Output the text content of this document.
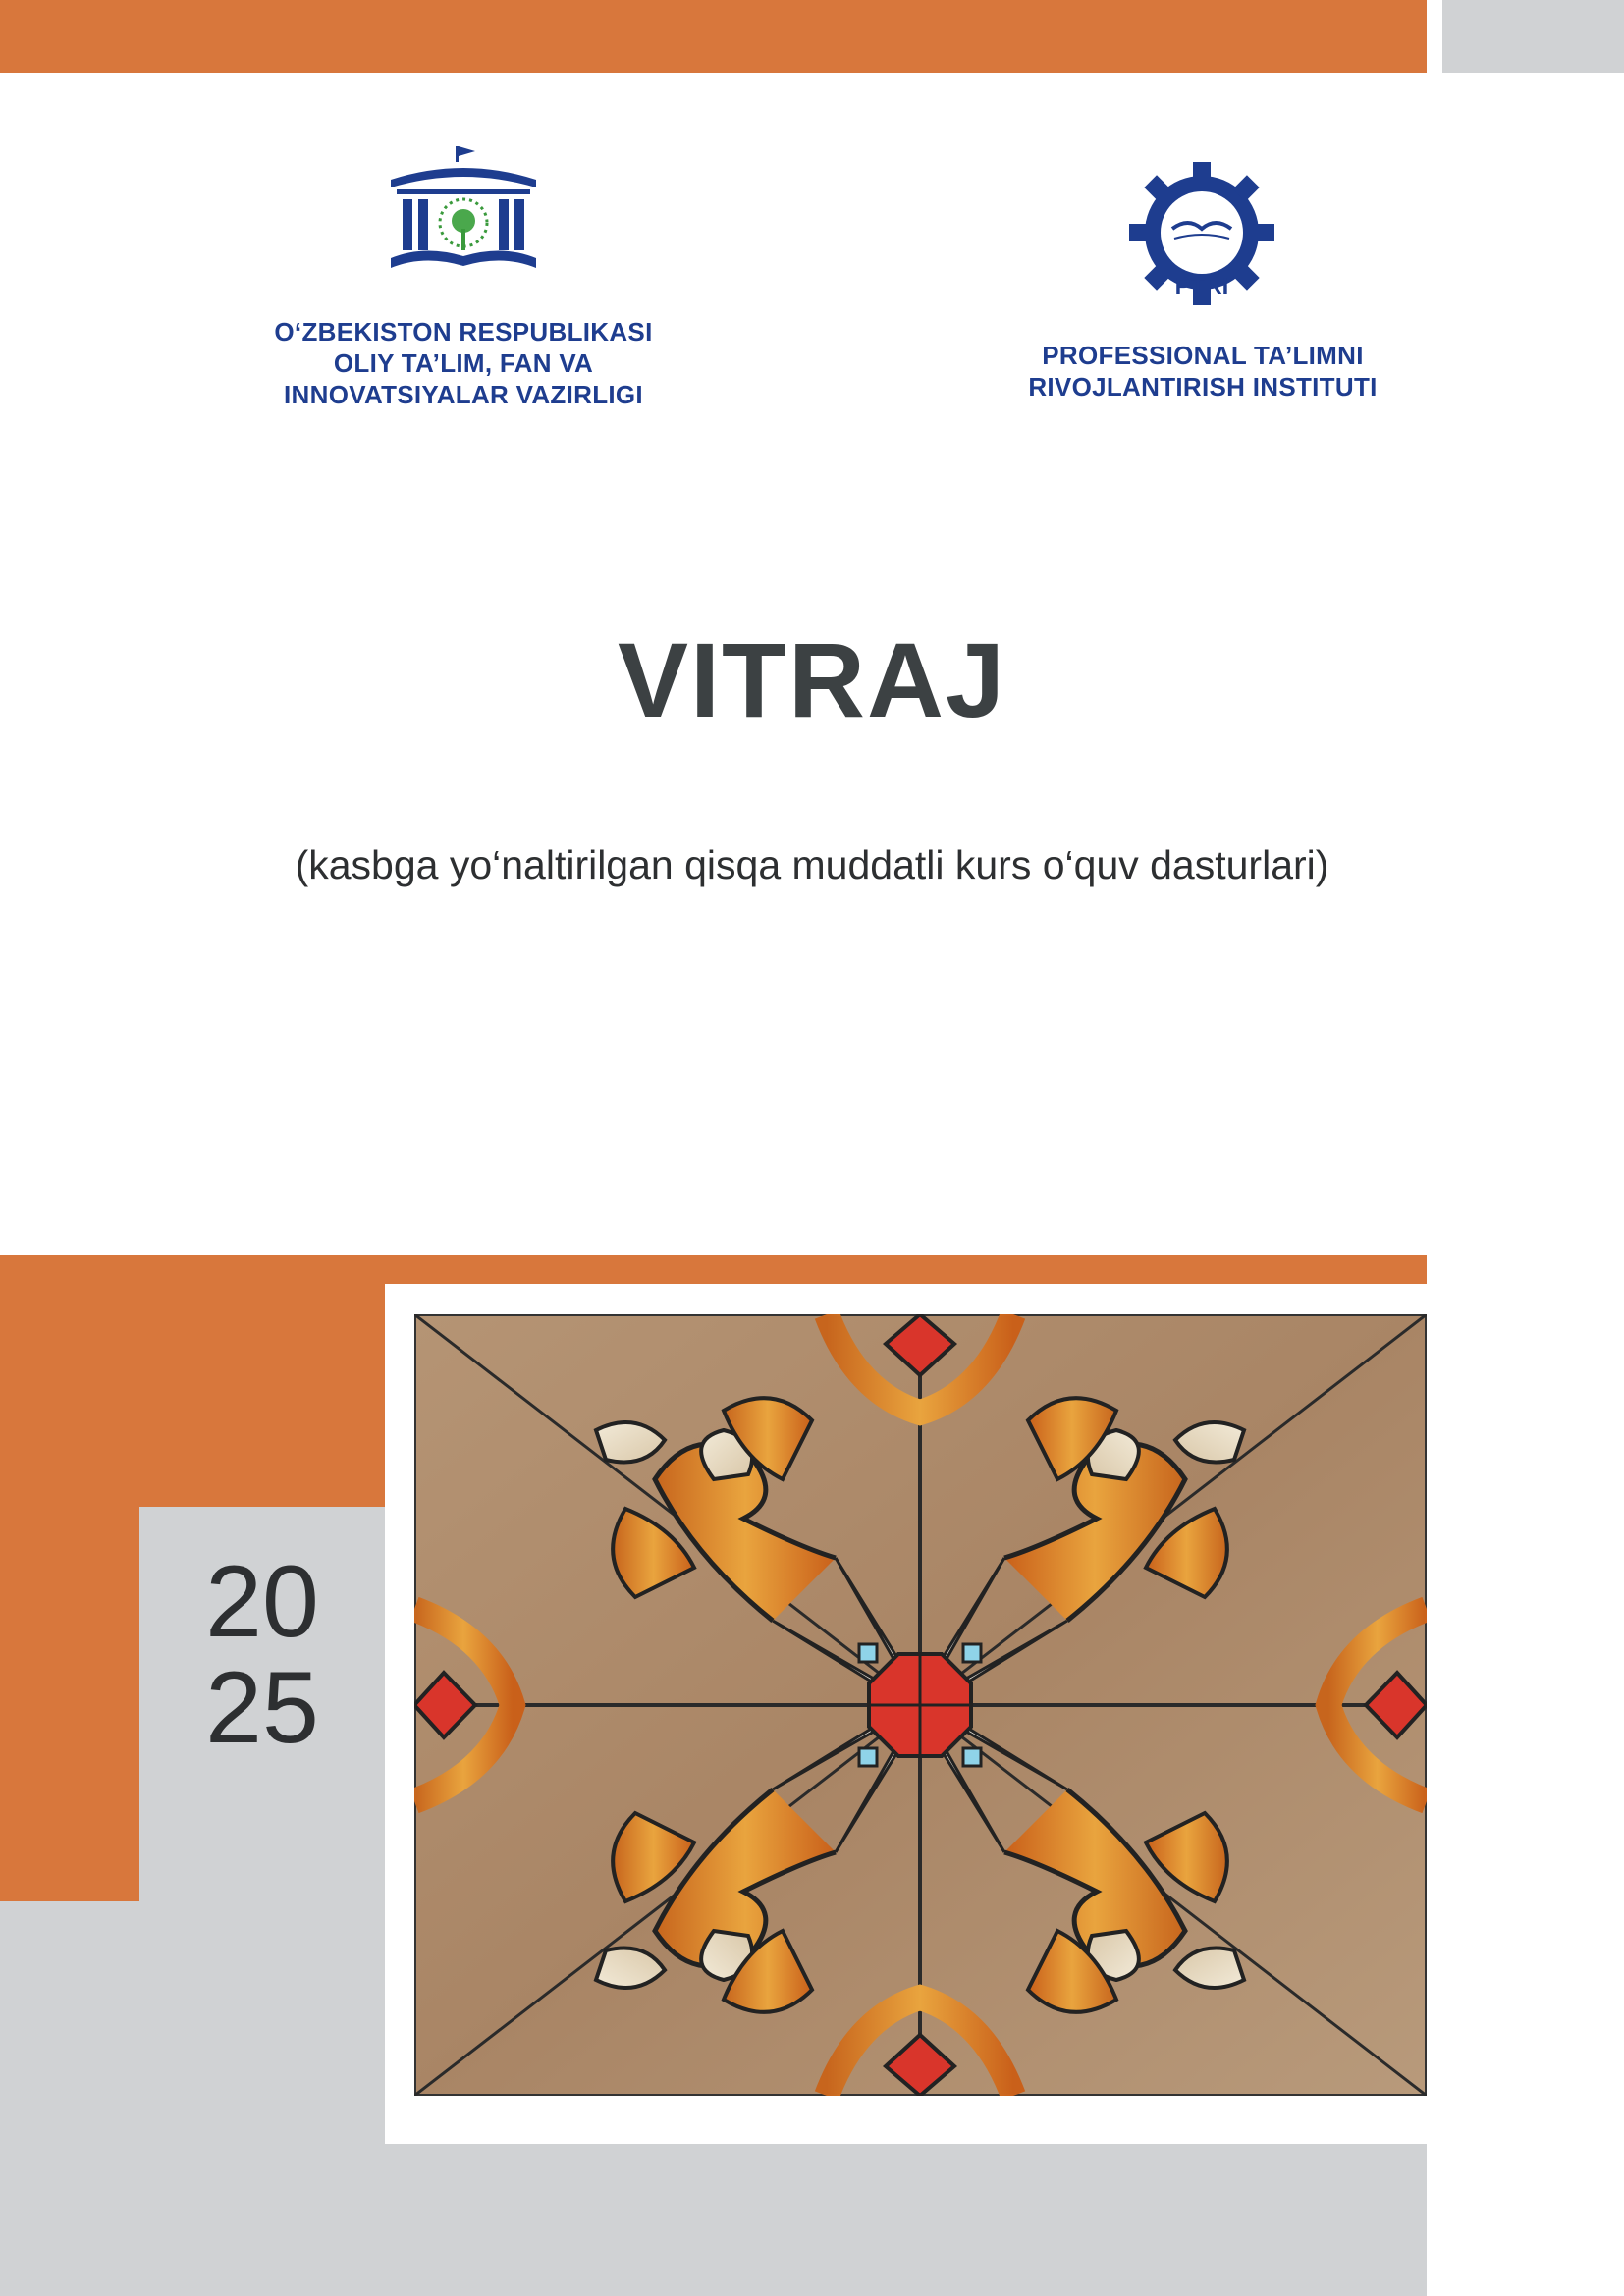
O‘ZBEKISTON RESPUBLIKASI
OLIY TA’LIM, FAN VA
INNOVATSIYALAR VAZIRLIGI
PTRI
PROFESSIONAL TA’LIMNI
RIVOJLANTIRISH INSTITUTI
VITRAJ
(kasbga yo‘naltirilgan qisqa muddatli kurs o‘quv dasturlari)
20
25
